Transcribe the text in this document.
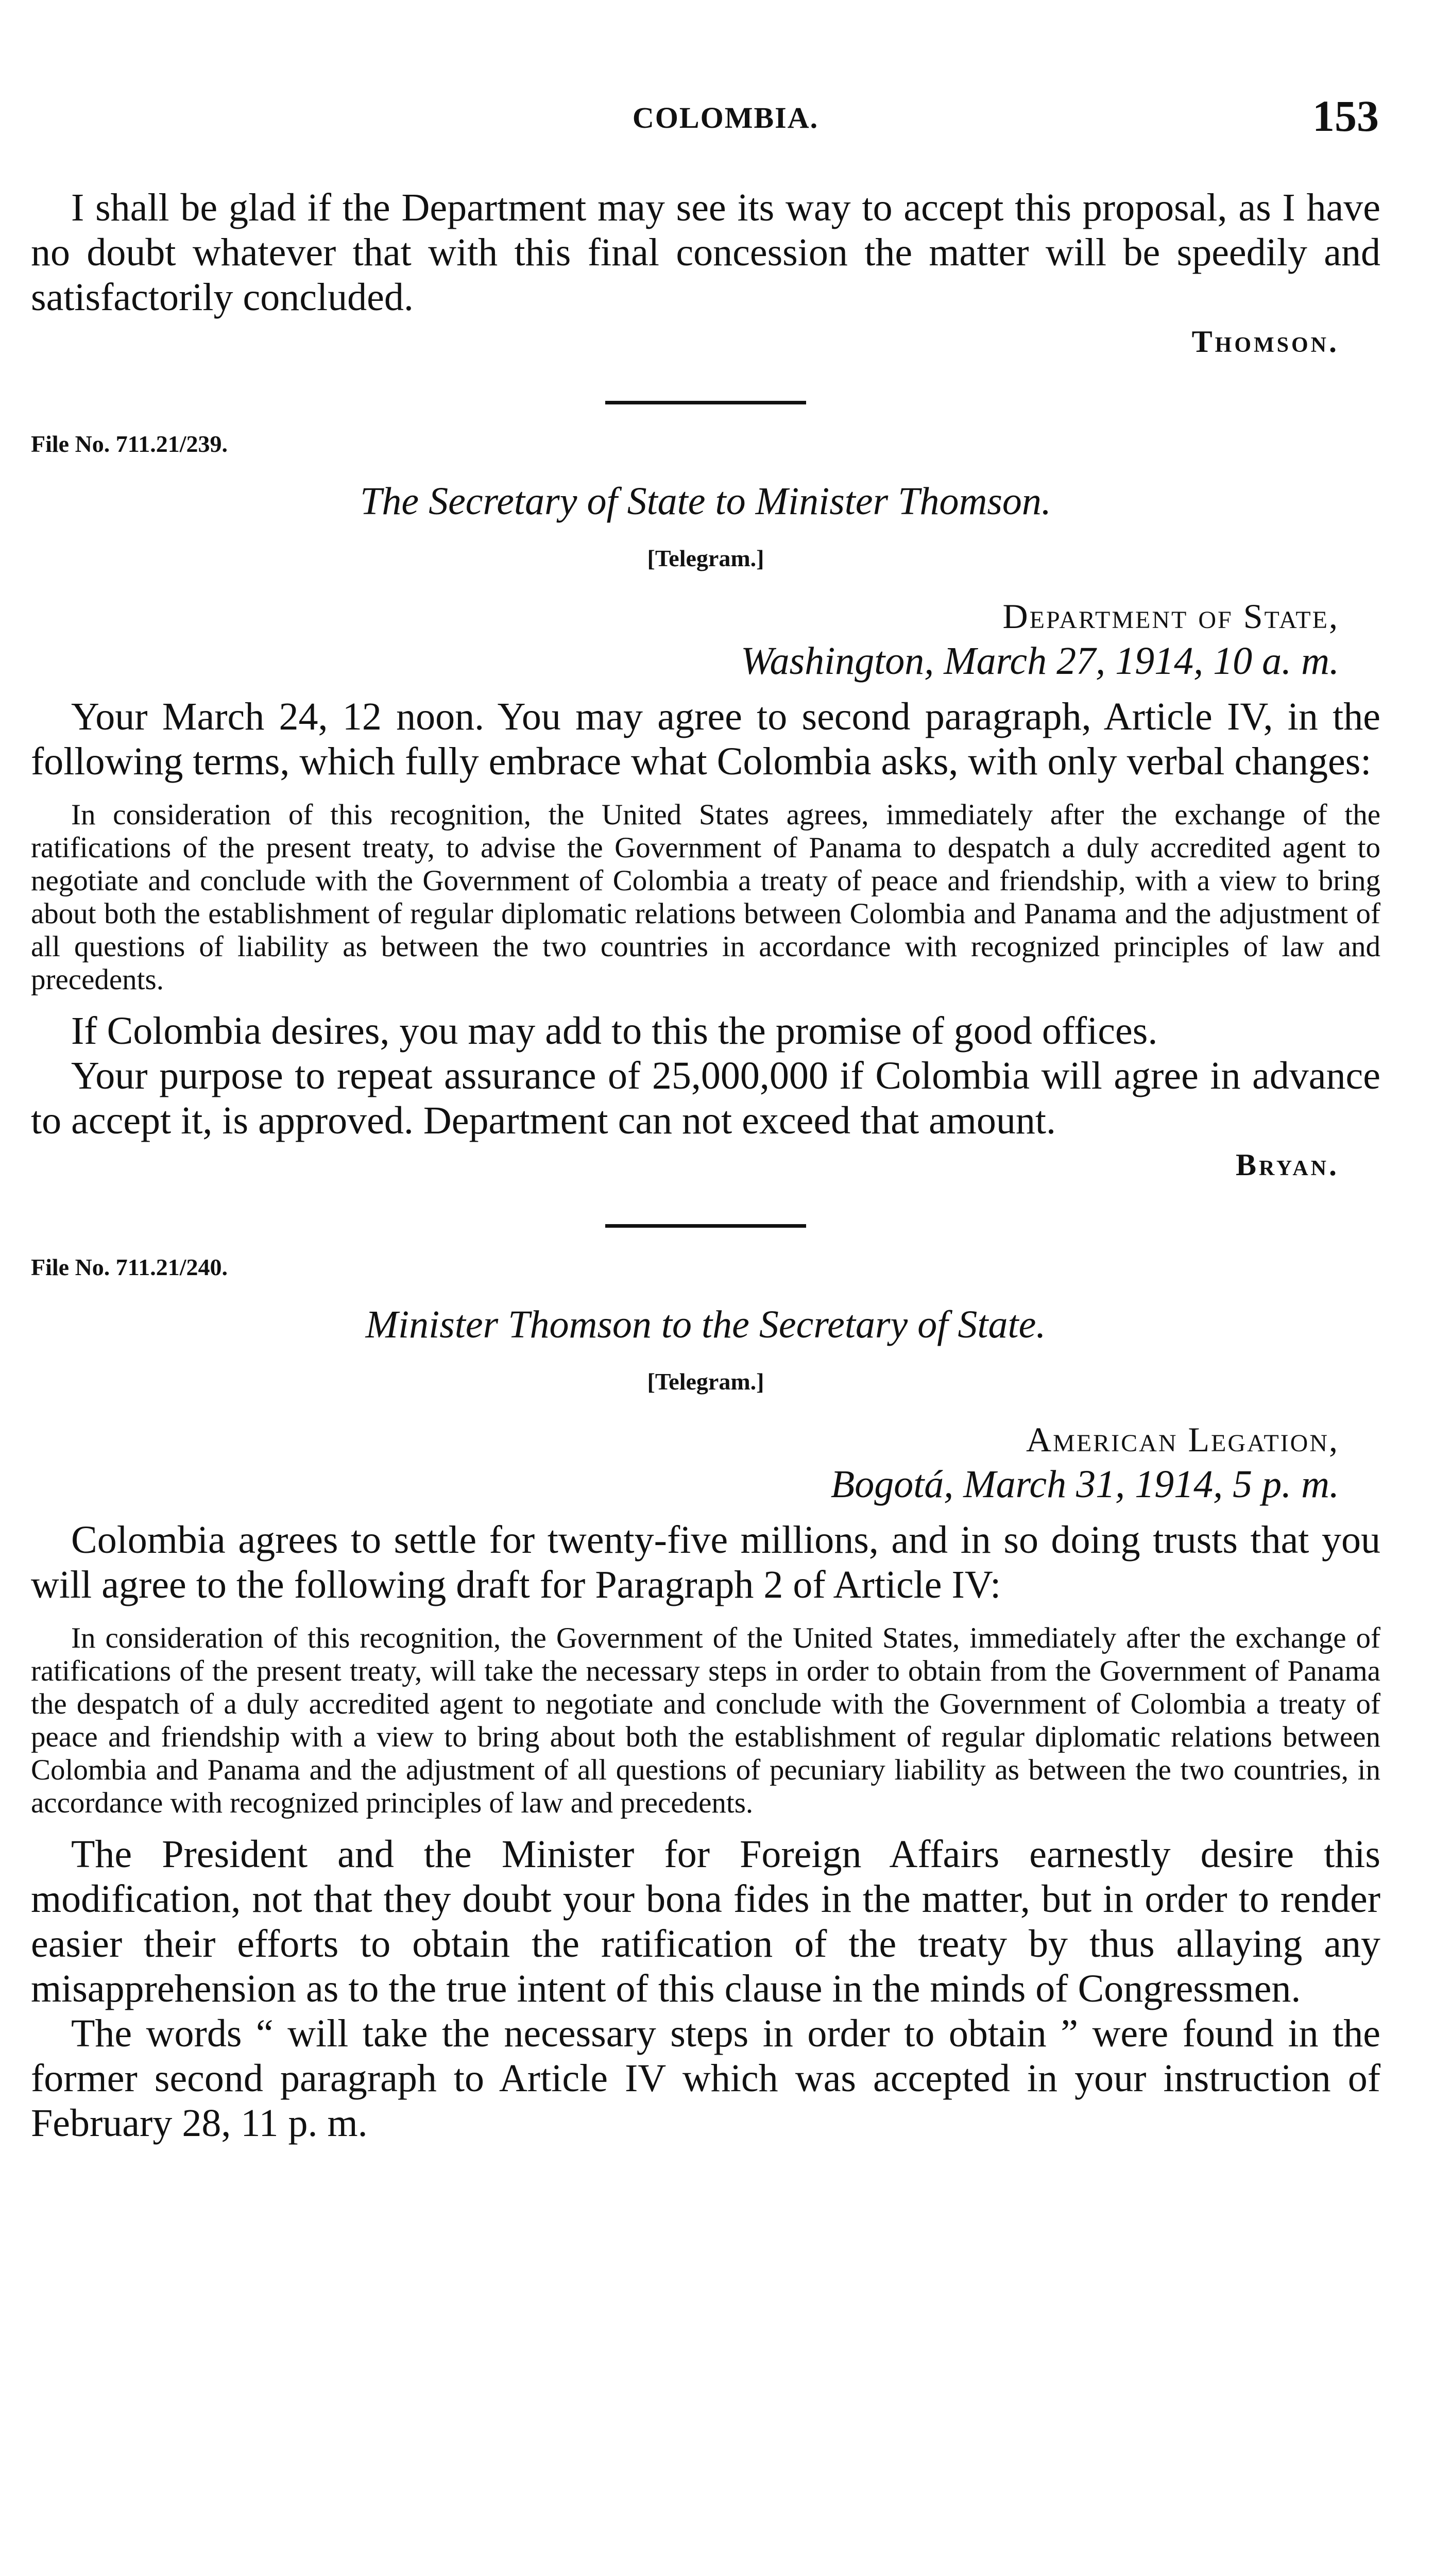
COLOMBIA.	153

I shall be glad if the Department may see its way to accept this proposal, as I have no doubt whatever that with this final concession the matter will be speedily and satisfactorily concluded.

Thomson.
File No. 711.21/239.
The Secretary of State to Minister Thomson.
[Telegram.]
Department of State,
Washington, March 27, 1914, 10 a. m.

Your March 24, 12 noon. You may agree to second paragraph, Article IV, in the following terms, which fully embrace what Colombia asks, with only verbal changes:

In consideration of this recognition, the United States agrees, immediately after the exchange of the ratifications of the present treaty, to advise the Government of Panama to despatch a duly accredited agent to negotiate and conclude with the Government of Colombia a treaty of peace and friendship, with a view to bring about both the establishment of regular diplomatic relations between Colombia and Panama and the adjustment of all questions of liability as between the two countries in accordance with recognized principles of law and precedents.

If Colombia desires, you may add to this the promise of good offices.

Your purpose to repeat assurance of 25,000,000 if Colombia will agree in advance to accept it, is approved. Department can not exceed that amount.

Bryan.
File No. 711.21/240.
Minister Thomson to the Secretary of State.
[Telegram.]
American Legation,
Bogotá, March 31, 1914, 5 p. m.

Colombia agrees to settle for twenty-five millions, and in so doing trusts that you will agree to the following draft for Paragraph 2 of Article IV:

In consideration of this recognition, the Government of the United States, immediately after the exchange of ratifications of the present treaty, will take the necessary steps in order to obtain from the Government of Panama the despatch of a duly accredited agent to negotiate and conclude with the Government of Colombia a treaty of peace and friendship with a view to bring about both the establishment of regular diplomatic relations between Colombia and Panama and the adjustment of all questions of pecuniary liability as between the two countries, in accordance with recognized principles of law and precedents.

The President and the Minister for Foreign Affairs earnestly desire this modification, not that they doubt your bona fides in the matter, but in order to render easier their efforts to obtain the ratification of the treaty by thus allaying any misapprehension as to the true intent of this clause in the minds of Congressmen.

The words “ will take the necessary steps in order to obtain ” were found in the former second paragraph to Article IV which was accepted in your instruction of February 28, 11 p. m.
